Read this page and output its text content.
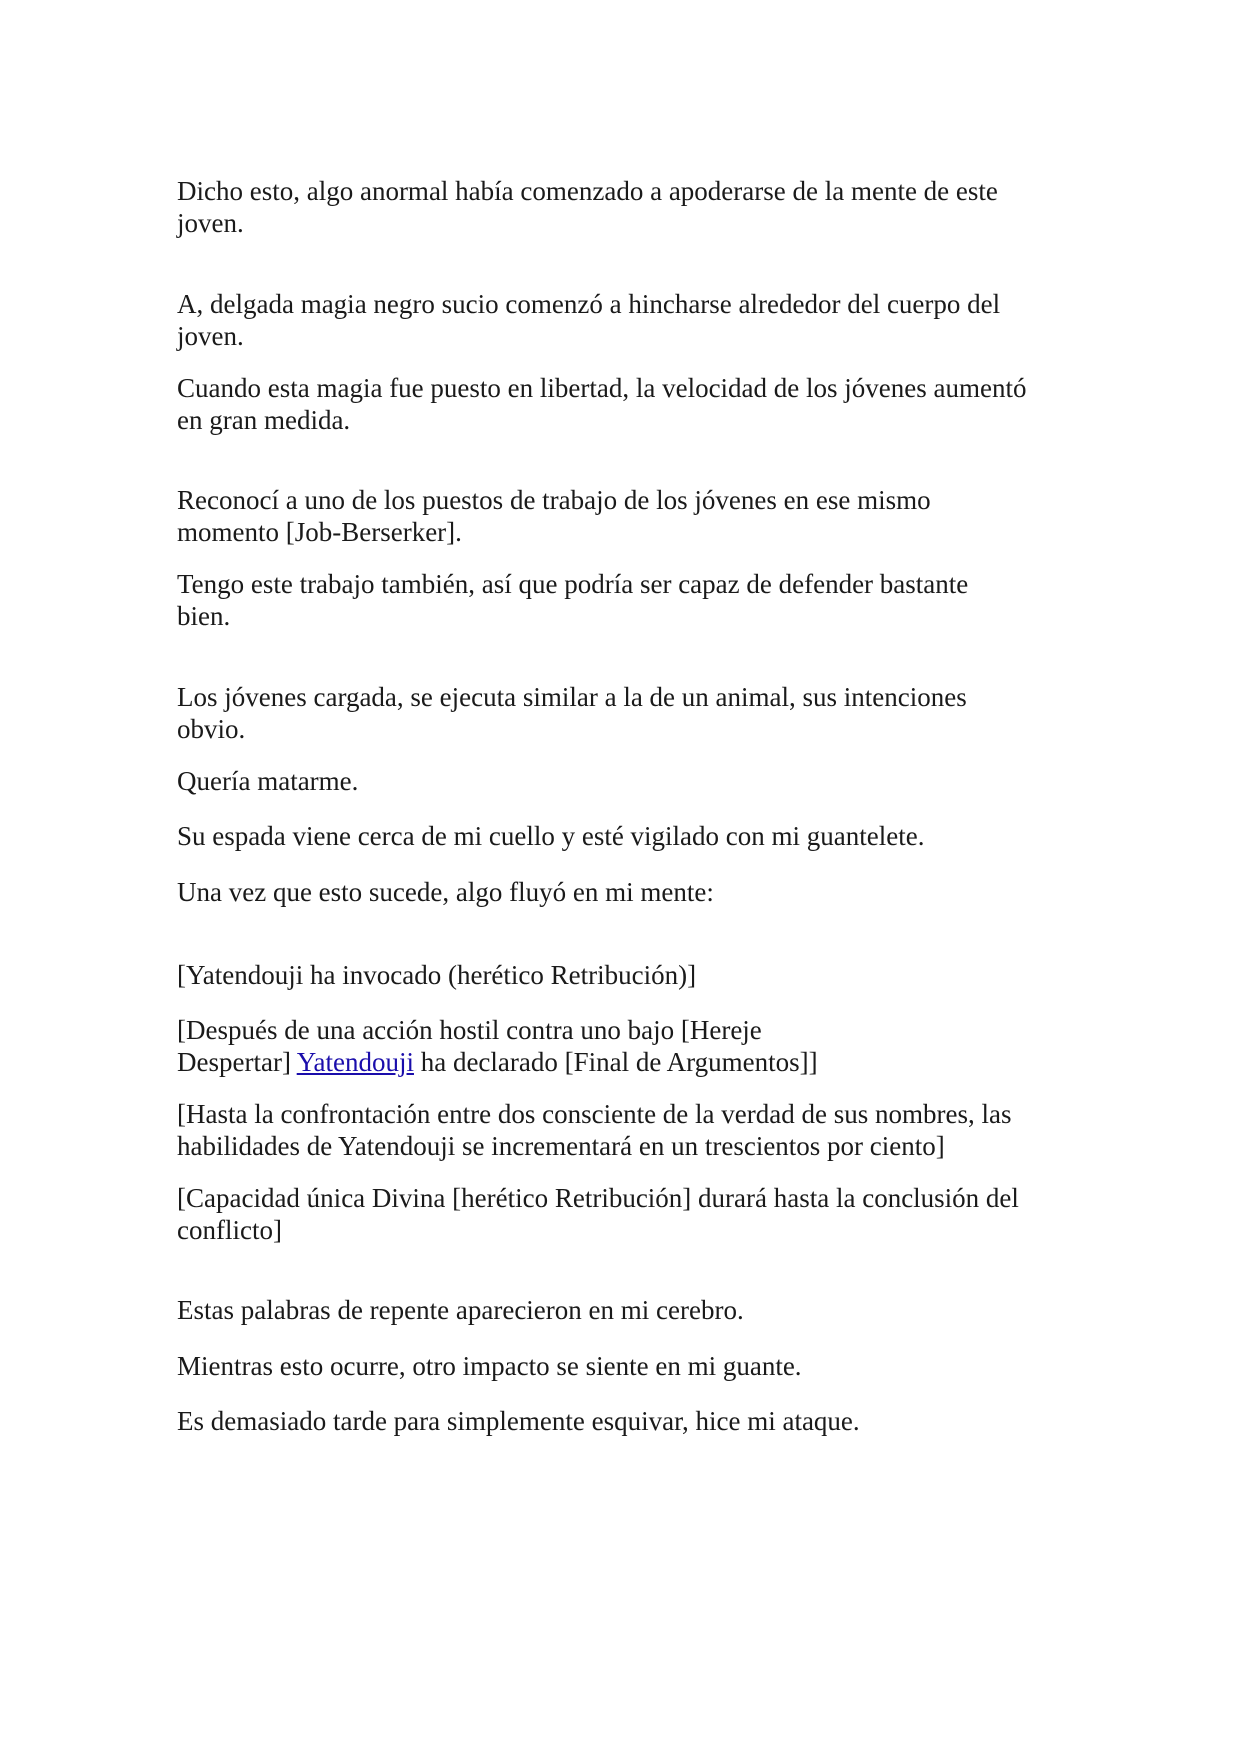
Dicho esto, algo anormal había comenzado a apoderarse de la mente de este
joven.

A, delgada magia negro sucio comenzó a hincharse alrededor del cuerpo del
joven.

Cuando esta magia fue puesto en libertad, la velocidad de los jóvenes aumentó
en gran medida.

Reconocí a uno de los puestos de trabajo de los jóvenes en ese mismo
momento [Job-Berserker].

Tengo este trabajo también, así que podría ser capaz de defender bastante
bien.

Los jóvenes cargada, se ejecuta similar a la de un animal, sus intenciones
obvio.

Quería matarme.

Su espada viene cerca de mi cuello y esté vigilado con mi guantelete.

Una vez que esto sucede, algo fluyó en mi mente:

[Yatendouji ha invocado (herético Retribución)]

[Después de una acción hostil contra uno bajo [Hereje
Despertar] Yatendouji ha declarado [Final de Argumentos]]

[Hasta la confrontación entre dos consciente de la verdad de sus nombres, las
habilidades de Yatendouji se incrementará en un trescientos por ciento]

[Capacidad única Divina [herético Retribución] durará hasta la conclusión del
conflicto]

Estas palabras de repente aparecieron en mi cerebro.

Mientras esto ocurre, otro impacto se siente en mi guante.

Es demasiado tarde para simplemente esquivar, hice mi ataque.
